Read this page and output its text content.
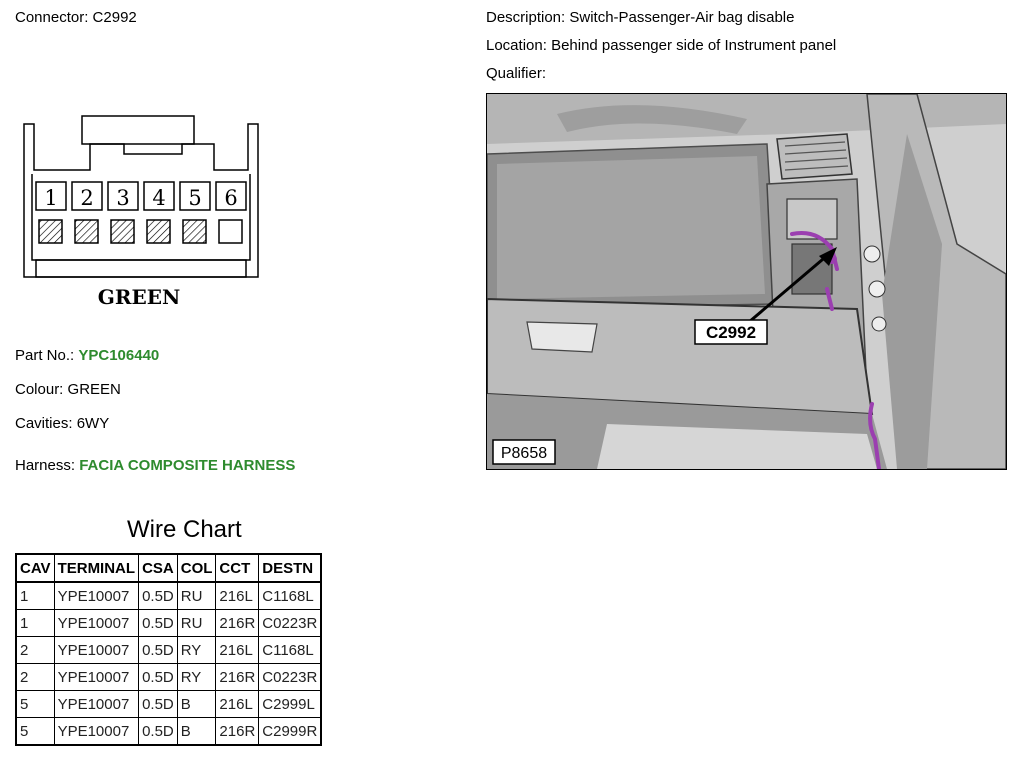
Connector: C2992	Description: Switch-Passenger-Air bag disable
Location: Behind passenger side of Instrument panel
Qualifier:
1 2 3 4 5 6
GREEN
Part No.: YPC106440
Colour: GREEN
Cavities: 6WY
Harness: FACIA COMPOSITE HARNESS
C2992
P8658
Wire Chart
CAV	TERMINAL	CSA	COL	CCT	DESTN
1	YPE10007	0.5D	RU	216L	C1168L
1	YPE10007	0.5D	RU	216R	C0223R
2	YPE10007	0.5D	RY	216L	C1168L
2	YPE10007	0.5D	RY	216R	C0223R
5	YPE10007	0.5D	B	216L	C2999L
5	YPE10007	0.5D	B	216R	C2999R
